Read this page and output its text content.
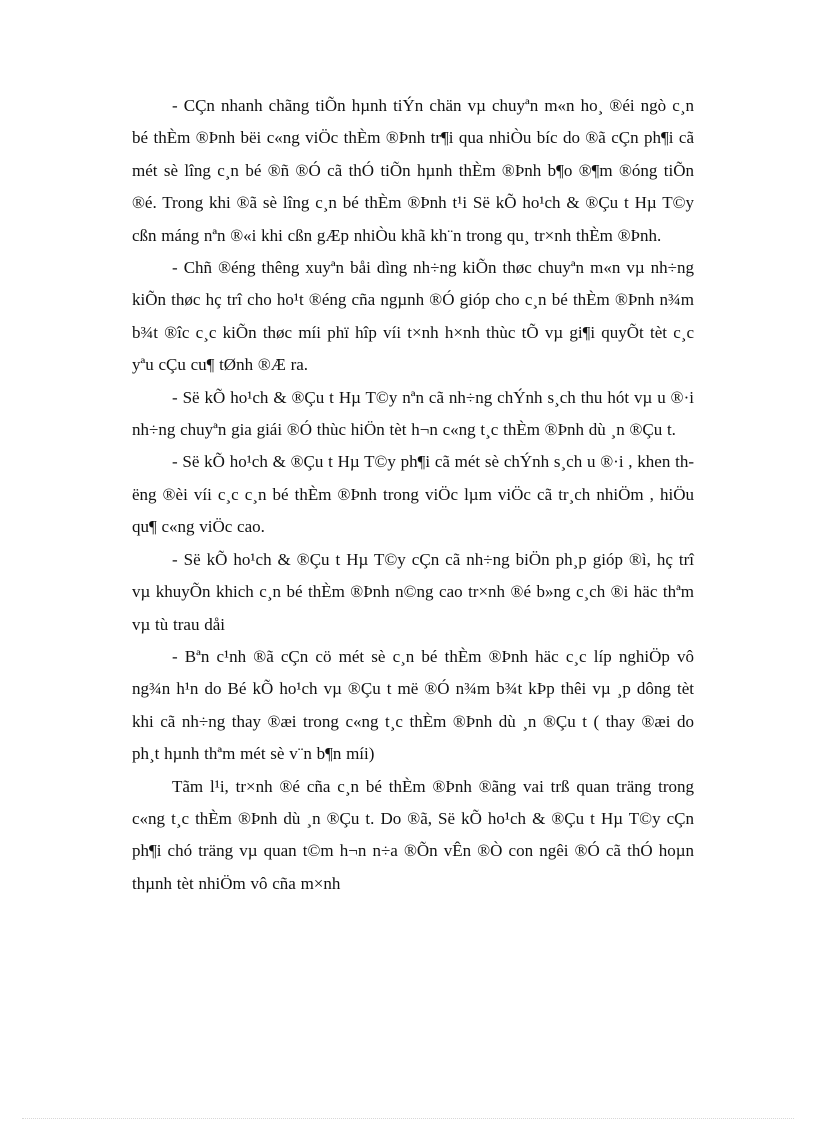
- CÇn nhanh chãng tiÕn hµnh tiÝn chän vµ chuyªn m«n ho¸ ®éi ngò c¸n bé thÈm ®Þnh bëi c«ng viÖc thÈm ®Þnh tr¶i qua nhiÒu bíc do ®ã cÇn ph¶i cã mét sè lîng c¸n bé ®ñ ®Ó cã thÓ tiÕn hµnh thÈm ®Þnh b¶o ®¶m ®óng tiÕn ®é. Trong khi ®ã sè lîng c¸n bé thÈm ®Þnh t¹i Së kÕ ho¹ch & ®Çu t Hµ T©y cßn máng nªn ®«i khi cßn gÆp nhiÒu khã kh¨n trong qu¸ tr×nh thÈm ®Þnh.

- Chñ ®éng thêng xuyªn båi dìng nh÷ng kiÕn thøc chuyªn m«n vµ nh÷ng kiÕn thøc hç trî cho ho¹t ®éng cña ngµnh ®Ó gióp cho c¸n bé thÈm ®Þnh n¾m b¾t ®îc c¸c kiÕn thøc míi phï hîp víi t×nh h×nh thùc tÕ vµ gi¶i quyÕt tèt c¸c yªu cÇu cu¶ tØnh ®Æ ra.

- Së kÕ ho¹ch & ®Çu t Hµ T©y nªn cã nh÷ng chÝnh s¸ch thu hót vµ u ®·i nh÷ng chuyªn gia giái ®Ó thùc hiÖn tèt h¬n c«ng t¸c thÈm ®Þnh dù ¸n ®Çu t.

- Së kÕ ho¹ch & ®Çu t Hµ T©y ph¶i cã mét sè chÝnh s¸ch u ®·i , khen thëng ®èi víi c¸c c¸n bé thÈm ®Þnh trong viÖc lµm viÖc cã tr¸ch nhiÖm , hiÖu qu¶ c«ng viÖc cao.

- Së kÕ ho¹ch & ®Çu t Hµ T©y cÇn cã nh÷ng biÖn ph¸p gióp ®ì, hç trî vµ khuyÕn khich c¸n bé thÈm ®Þnh n©ng cao tr×nh ®é b»ng c¸ch ®i häc thªm vµ tù trau dåi

- Bªn c¹nh ®ã cÇn cö mét sè c¸n bé thÈm ®Þnh häc c¸c líp nghiÖp vô ng¾n h¹n do Bé kÕ ho¹ch vµ ®Çu t më ®Ó n¾m b¾t kÞp thêi vµ ¸p dông tèt khi cã nh÷ng thay ®æi trong c«ng t¸c thÈm ®Þnh dù ¸n ®Çu t ( thay ®æi do ph¸t hµnh thªm mét sè v¨n b¶n míi)

Tãm l¹i, tr×nh ®é cña c¸n bé thÈm ®Þnh ®ãng vai trß quan träng trong c«ng t¸c thÈm ®Þnh dù ¸n ®Çu t. Do ®ã, Së kÕ ho¹ch & ®Çu t Hµ T©y cÇn ph¶i chó träng vµ quan t©m h¬n n÷a ®Õn vÊn ®Ò con ngêi ®Ó cã thÓ hoµn thµnh tèt nhiÖm vô cña m×nh
